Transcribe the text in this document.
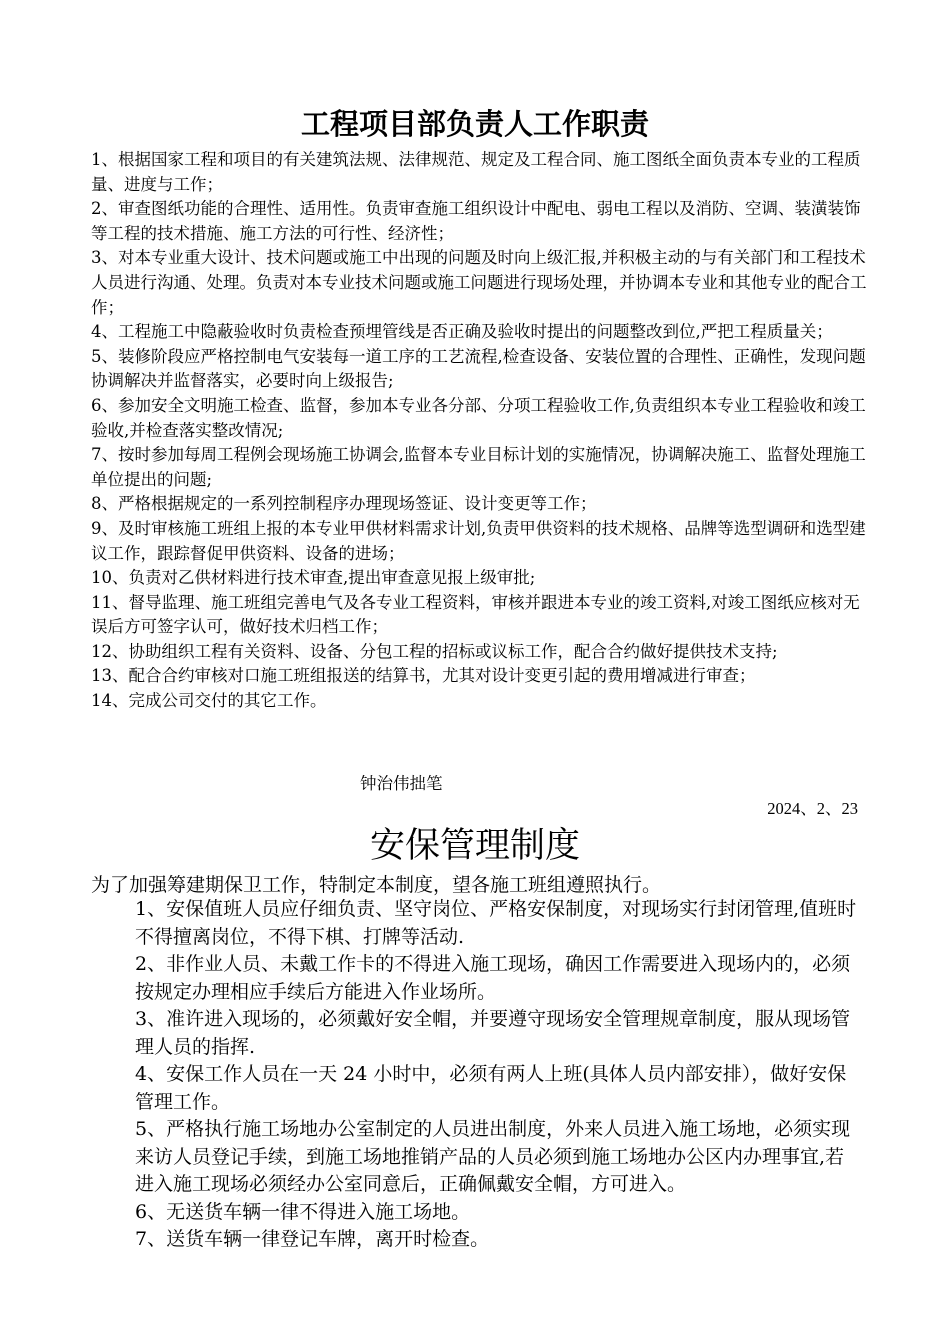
工程项目部负责人工作职责

1、根据国家工程和项目的有关建筑法规、法律规范、规定及工程合同、施工图纸全面负责本专业的工程质量、进度与工作；

2、审查图纸功能的合理性、适用性。负责审查施工组织设计中配电、弱电工程以及消防、空调、装潢装饰等工程的技术措施、施工方法的可行性、经济性；

3、对本专业重大设计、技术问题或施工中出现的问题及时向上级汇报,并积极主动的与有关部门和工程技术人员进行沟通、处理。负责对本专业技术问题或施工问题进行现场处理，并协调本专业和其他专业的配合工作；

4、工程施工中隐蔽验收时负责检查预埋管线是否正确及验收时提出的问题整改到位,严把工程质量关；

5、装修阶段应严格控制电气安装每一道工序的工艺流程,检查设备、安装位置的合理性、正确性，发现问题协调解决并监督落实，必要时向上级报告;

6、参加安全文明施工检查、监督，参加本专业各分部、分项工程验收工作,负责组织本专业工程验收和竣工验收,并检查落实整改情况;

7、按时参加每周工程例会现场施工协调会,监督本专业目标计划的实施情况，协调解决施工、监督处理施工单位提出的问题;

8、严格根据规定的一系列控制程序办理现场签证、设计变更等工作；

9、及时审核施工班组上报的本专业甲供材料需求计划,负责甲供资料的技术规格、品牌等选型调研和选型建议工作，跟踪督促甲供资料、设备的进场；

10、负责对乙供材料进行技术审查,提出审查意见报上级审批;

11、督导监理、施工班组完善电气及各专业工程资料，审核并跟进本专业的竣工资料,对竣工图纸应核对无误后方可签字认可，做好技术归档工作；

12、协助组织工程有关资料、设备、分包工程的招标或议标工作，配合合约做好提供技术支持;

13、配合合约审核对口施工班组报送的结算书，尤其对设计变更引起的费用增减进行审查；

14、完成公司交付的其它工作。

钟治伟拙笔
2024、2、23
安保管理制度
为了加强筹建期保卫工作，特制定本制度，望各施工班组遵照执行。

1、安保值班人员应仔细负责、坚守岗位、严格安保制度，对现场实行封闭管理,值班时不得擅离岗位，不得下棋、打牌等活动.

2、非作业人员、未戴工作卡的不得进入施工现场，确因工作需要进入现场内的，必须按规定办理相应手续后方能进入作业场所。

3、准许进入现场的，必须戴好安全帽，并要遵守现场安全管理规章制度，服从现场管理人员的指挥.

4、安保工作人员在一天 24 小时中，必须有两人上班(具体人员内部安排），做好安保管理工作。

5、严格执行施工场地办公室制定的人员进出制度，外来人员进入施工场地，必须实现来访人员登记手续，到施工场地推销产品的人员必须到施工场地办公区内办理事宜,若进入施工现场必须经办公室同意后，正确佩戴安全帽，方可进入。

6、无送货车辆一律不得进入施工场地。

7、送货车辆一律登记车牌，离开时检查。
